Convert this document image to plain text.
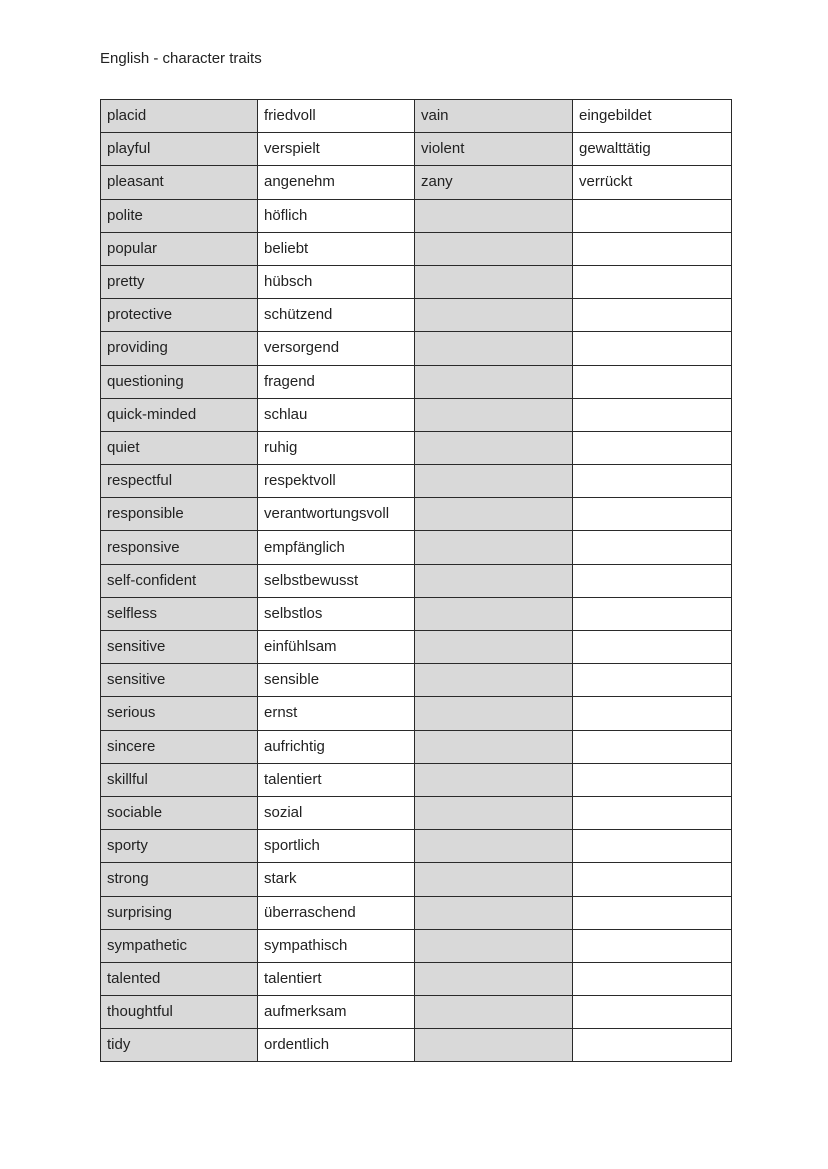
English - character traits
placid	friedvoll	vain	eingebildet
playful	verspielt	violent	gewalttätig
pleasant	angenehm	zany	verrückt
polite	höflich		
popular	beliebt		
pretty	hübsch		
protective	schützend		
providing	versorgend		
questioning	fragend		
quick-minded	schlau		
quiet	ruhig		
respectful	respektvoll		
responsible	verantwortungsvoll		
responsive	empfänglich		
self-confident	selbstbewusst		
selfless	selbstlos		
sensitive	einfühlsam		
sensitive	sensible		
serious	ernst		
sincere	aufrichtig		
skillful	talentiert		
sociable	sozial		
sporty	sportlich		
strong	stark		
surprising	überraschend		
sympathetic	sympathisch		
talented	talentiert		
thoughtful	aufmerksam		
tidy	ordentlich		
